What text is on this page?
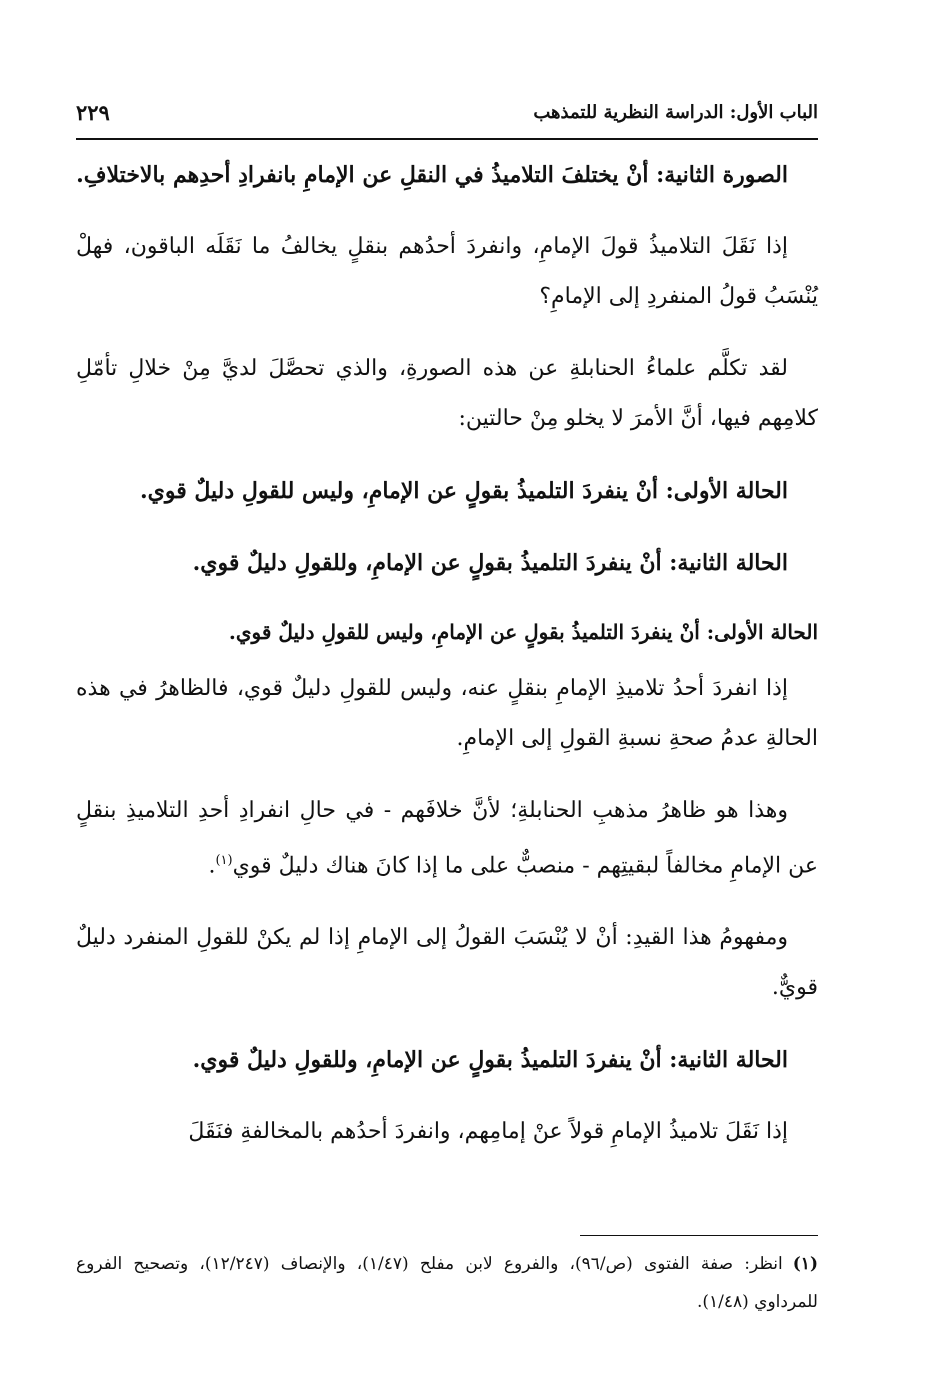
الباب الأول: الدراسة النظرية للتمذهب
٢٢٩

الصورة الثانية: أنْ يختلفَ التلاميذُ في النقلِ عن الإمامِ بانفرادِ أحدِهم بالاختلافِ.

إذا نَقَلَ التلاميذُ قولَ الإمامِ، وانفردَ أحدُهم بنقلٍ يخالفُ ما نَقَلَه الباقون، فهلْ يُنْسَبُ قولُ المنفردِ إلى الإمامِ؟

لقد تكلَّم علماءُ الحنابلةِ عن هذه الصورةِ، والذي تحصَّلَ لديَّ مِنْ خلالِ تأمّلِ كلامِهم فيها، أنَّ الأمرَ لا يخلو مِنْ حالتين:

الحالة الأولى: أنْ ينفردَ التلميذُ بقولٍ عن الإمامِ، وليس للقولِ دليلٌ قوي.

الحالة الثانية: أنْ ينفردَ التلميذُ بقولٍ عن الإمامِ، وللقولِ دليلٌ قوي.

الحالة الأولى: أنْ ينفردَ التلميذُ بقولٍ عن الإمامِ، وليس للقولِ دليلٌ قوي.

إذا انفردَ أحدُ تلاميذِ الإمامِ بنقلٍ عنه، وليس للقولِ دليلٌ قوي، فالظاهرُ في هذه الحالةِ عدمُ صحةِ نسبةِ القولِ إلى الإمامِ.

وهذا هو ظاهرُ مذهبِ الحنابلةِ؛ لأنَّ خلافَهم - في حالِ انفرادِ أحدِ التلاميذِ بنقلٍ عن الإمامِ مخالفاً لبقيتِهم - منصبٌّ على ما إذا كانَ هناك دليلٌ قوي$^{(١)}$.

ومفهومُ هذا القيدِ: أنْ لا يُنْسَبَ القولُ إلى الإمامِ إذا لم يكنْ للقولِ المنفرد دليلٌ قويٌّ.

الحالة الثانية: أنْ ينفردَ التلميذُ بقولٍ عن الإمامِ، وللقولِ دليلٌ قوي.

إذا نَقَلَ تلاميذُ الإمامِ قولاً عنْ إمامِهم، وانفردَ أحدُهم بالمخالفةِ فنَقَلَ

(١)انظر: صفة الفتوى (ص/٩٦)، والفروع لابن مفلح (١/٤٧)، والإنصاف (١٢/٢٤٧)، وتصحيح الفروع للمرداوي (١/٤٨).
